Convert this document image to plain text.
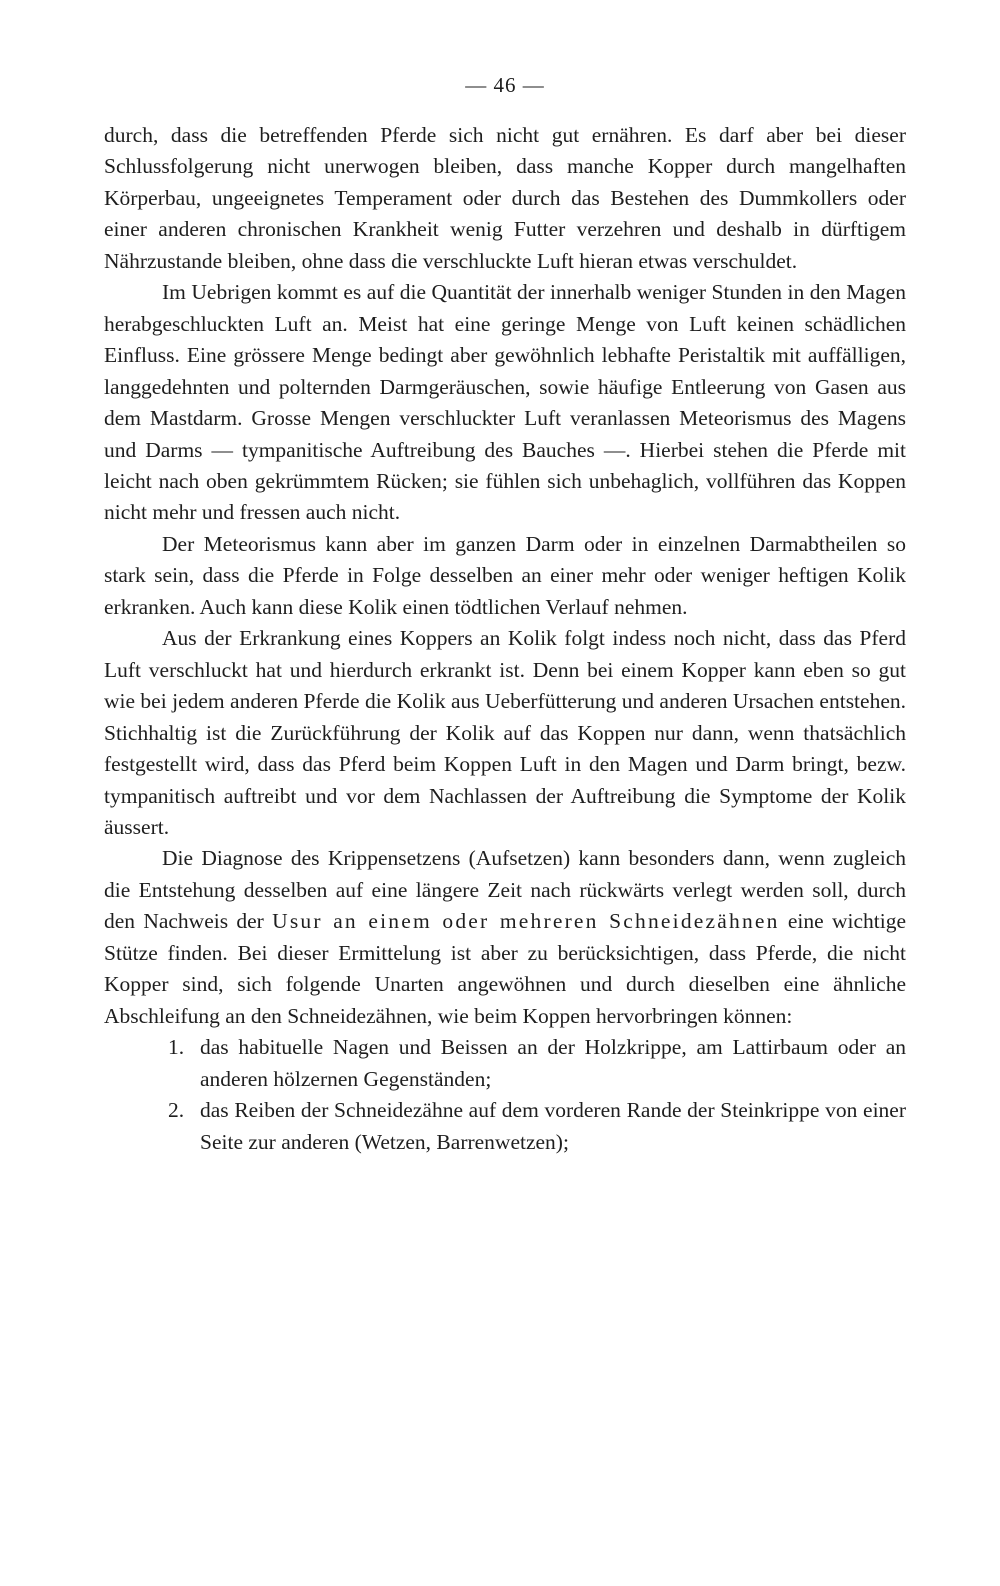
— 46 —

durch, dass die betreffenden Pferde sich nicht gut ernähren. Es darf aber bei dieser Schlussfolgerung nicht unerwogen bleiben, dass manche Kopper durch mangelhaften Körperbau, ungeeignetes Temperament oder durch das Bestehen des Dummkollers oder einer anderen chronischen Krankheit wenig Futter verzehren und deshalb in dürftigem Nährzustande bleiben, ohne dass die verschluckte Luft hieran etwas verschuldet.

Im Uebrigen kommt es auf die Quantität der innerhalb weniger Stunden in den Magen herabgeschluckten Luft an. Meist hat eine geringe Menge von Luft keinen schädlichen Einfluss. Eine grössere Menge bedingt aber gewöhnlich lebhafte Peristaltik mit auffälligen, langgedehnten und polternden Darmgeräuschen, sowie häufige Entleerung von Gasen aus dem Mastdarm. Grosse Mengen verschluckter Luft veranlassen Meteorismus des Magens und Darms — tympanitische Auftreibung des Bauches —. Hierbei stehen die Pferde mit leicht nach oben gekrümmtem Rücken; sie fühlen sich unbehaglich, vollführen das Koppen nicht mehr und fressen auch nicht.

Der Meteorismus kann aber im ganzen Darm oder in einzelnen Darmabtheilen so stark sein, dass die Pferde in Folge desselben an einer mehr oder weniger heftigen Kolik erkranken. Auch kann diese Kolik einen tödtlichen Verlauf nehmen.

Aus der Erkrankung eines Koppers an Kolik folgt indess noch nicht, dass das Pferd Luft verschluckt hat und hierdurch erkrankt ist. Denn bei einem Kopper kann eben so gut wie bei jedem anderen Pferde die Kolik aus Ueberfütterung und anderen Ursachen entstehen. Stichhaltig ist die Zurückführung der Kolik auf das Koppen nur dann, wenn thatsächlich festgestellt wird, dass das Pferd beim Koppen Luft in den Magen und Darm bringt, bezw. tympanitisch auftreibt und vor dem Nachlassen der Auftreibung die Symptome der Kolik äussert.

Die Diagnose des Krippensetzens (Aufsetzen) kann besonders dann, wenn zugleich die Entstehung desselben auf eine längere Zeit nach rückwärts verlegt werden soll, durch den Nachweis der Usur an einem oder mehreren Schneidezähnen eine wichtige Stütze finden. Bei dieser Ermittelung ist aber zu berücksichtigen, dass Pferde, die nicht Kopper sind, sich folgende Unarten angewöhnen und durch dieselben eine ähnliche Abschleifung an den Schneidezähnen, wie beim Koppen hervorbringen können:

1. das habituelle Nagen und Beissen an der Holzkrippe, am Lattirbaum oder an anderen hölzernen Gegenständen;
2. das Reiben der Schneidezähne auf dem vorderen Rande der Steinkrippe von einer Seite zur anderen (Wetzen, Barrenwetzen);
